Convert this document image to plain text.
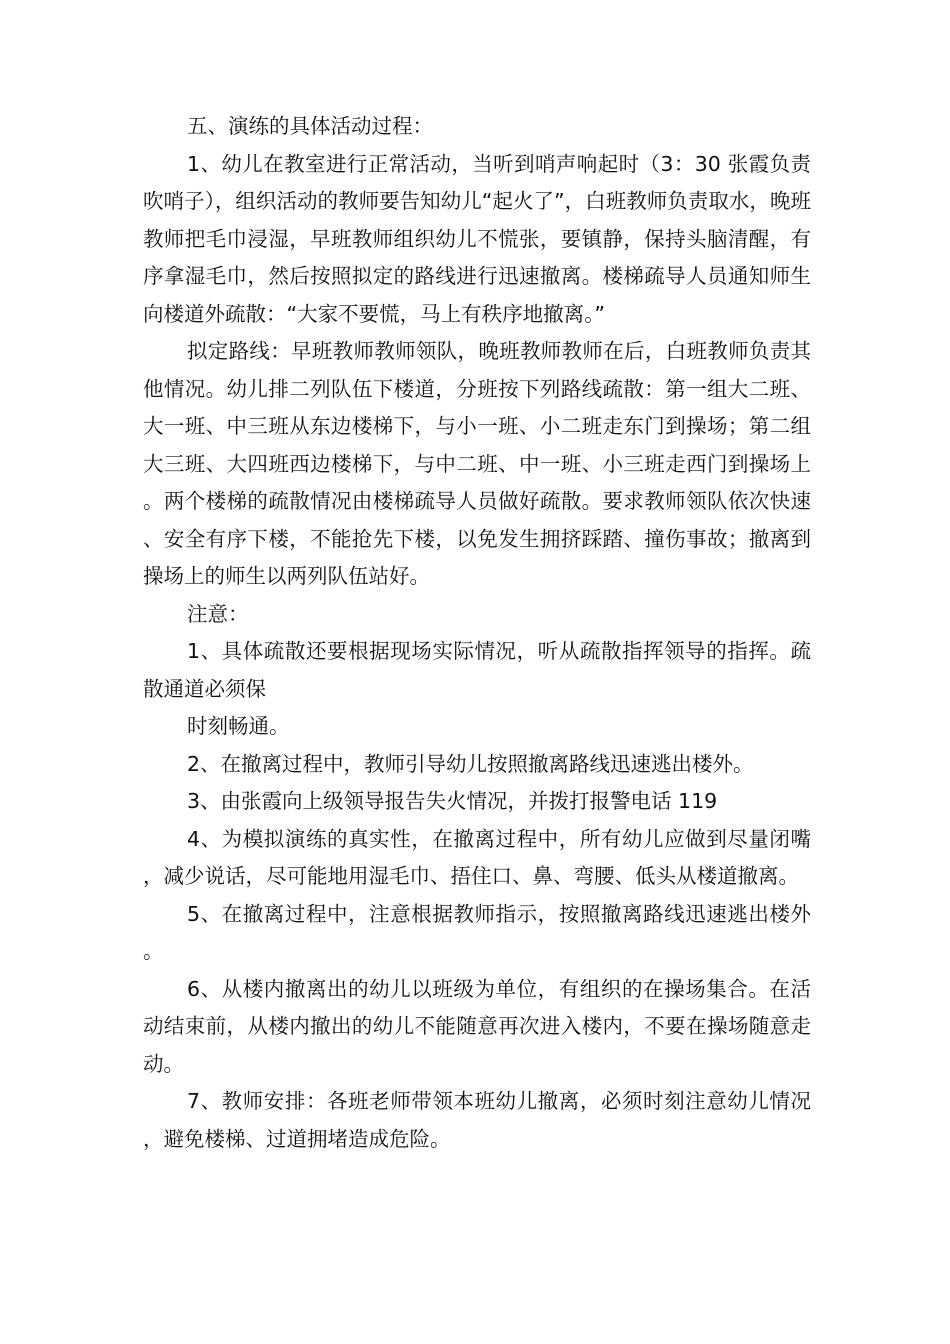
五、演练的具体活动过程：

1、幼儿在教室进行正常活动，当听到哨声响起时（3：30 张霞负责吹哨子），组织活动的教师要告知幼儿“起火了”，白班教师负责取水，晚班教师把毛巾浸湿，早班教师组织幼儿不慌张，要镇静，保持头脑清醒，有序拿湿毛巾，然后按照拟定的路线进行迅速撤离。楼梯疏导人员通知师生向楼道外疏散：“大家不要慌，马上有秩序地撤离。”

拟定路线：早班教师教师领队，晚班教师教师在后，白班教师负责其他情况。幼儿排二列队伍下楼道，分班按下列路线疏散：第一组大二班、大一班、中三班从东边楼梯下，与小一班、小二班走东门到操场；第二组大三班、大四班西边楼梯下，与中二班、中一班、小三班走西门到操场上。两个楼梯的疏散情况由楼梯疏导人员做好疏散。要求教师领队依次快速、安全有序下楼，不能抢先下楼，以免发生拥挤踩踏、撞伤事故；撤离到操场上的师生以两列队伍站好。

注意：

1、具体疏散还要根据现场实际情况，听从疏散指挥领导的指挥。疏散通道必须保

时刻畅通。

2、在撤离过程中，教师引导幼儿按照撤离路线迅速逃出楼外。

3、由张霞向上级领导报告失火情况，并拨打报警电话 119

4、为模拟演练的真实性，在撤离过程中，所有幼儿应做到尽量闭嘴，减少说话，尽可能地用湿毛巾、捂住口、鼻、弯腰、低头从楼道撤离。

5、在撤离过程中，注意根据教师指示，按照撤离路线迅速逃出楼外。

6、从楼内撤离出的幼儿以班级为单位，有组织的在操场集合。在活动结束前，从楼内撤出的幼儿不能随意再次进入楼内，不要在操场随意走动。

7、教师安排：各班老师带领本班幼儿撤离，必须时刻注意幼儿情况，避免楼梯、过道拥堵造成危险。
